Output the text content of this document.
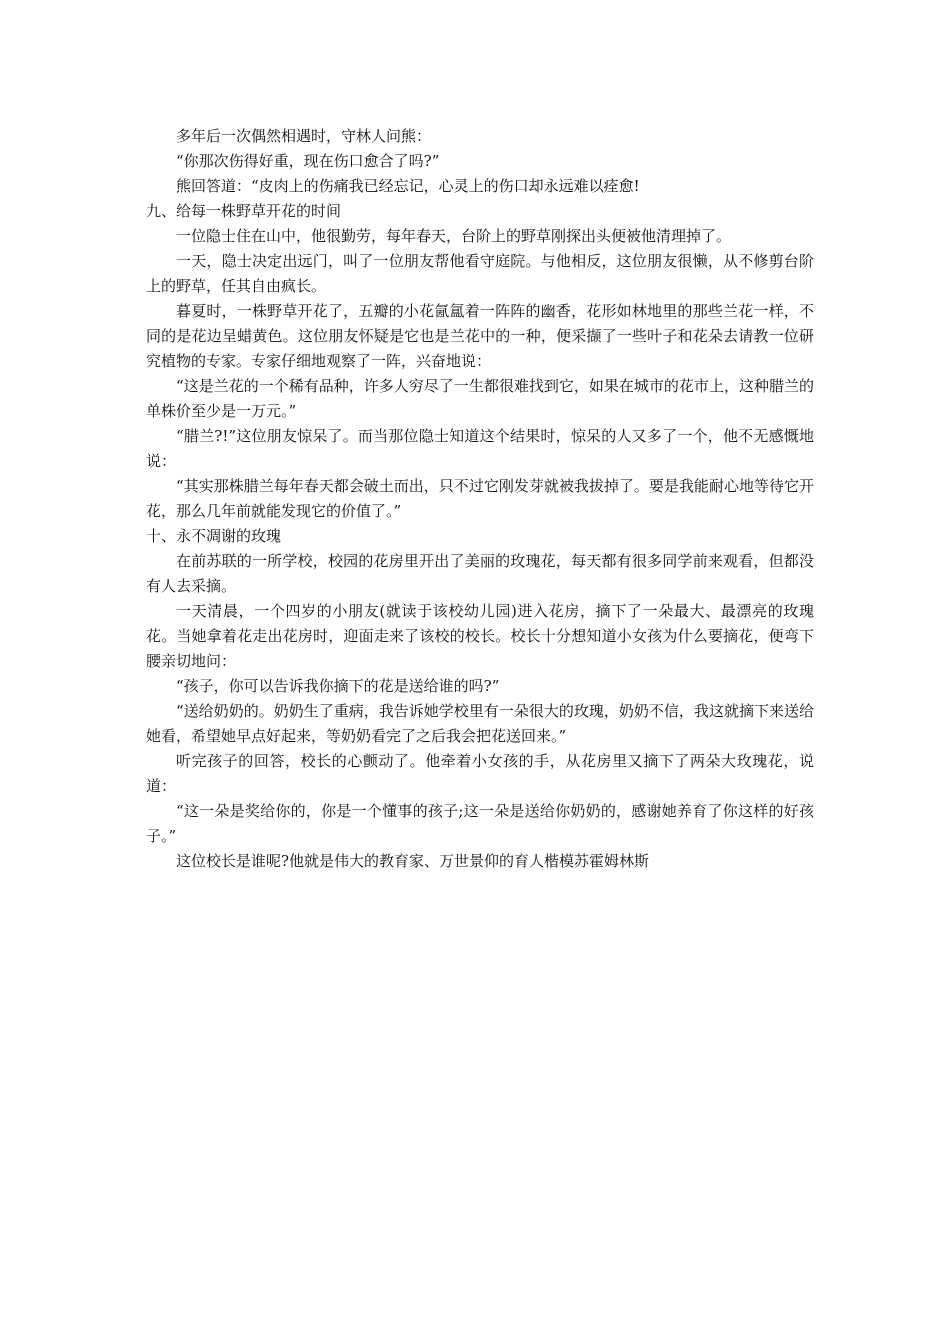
多年后一次偶然相遇时，守林人问熊：

“你那次伤得好重，现在伤口愈合了吗?”

熊回答道：“皮肉上的伤痛我已经忘记，心灵上的伤口却永远难以痊愈!

九、给每一株野草开花的时间

一位隐士住在山中，他很勤劳，每年春天，台阶上的野草刚探出头便被他清理掉了。

一天，隐士决定出远门，叫了一位朋友帮他看守庭院。与他相反，这位朋友很懒，从不修剪台阶上的野草，任其自由疯长。

暮夏时，一株野草开花了，五瓣的小花氤氲着一阵阵的幽香，花形如林地里的那些兰花一样，不同的是花边呈蜡黄色。这位朋友怀疑是它也是兰花中的一种，便采撷了一些叶子和花朵去请教一位研究植物的专家。专家仔细地观察了一阵，兴奋地说：

“这是兰花的一个稀有品种，许多人穷尽了一生都很难找到它，如果在城市的花市上，这种腊兰的单株价至少是一万元。”

“腊兰?!”这位朋友惊呆了。而当那位隐士知道这个结果时，惊呆的人又多了一个，他不无感慨地说：

“其实那株腊兰每年春天都会破土而出，只不过它刚发芽就被我拔掉了。要是我能耐心地等待它开花，那么几年前就能发现它的价值了。”

十、永不凋谢的玫瑰

在前苏联的一所学校，校园的花房里开出了美丽的玫瑰花，每天都有很多同学前来观看，但都没有人去采摘。

一天清晨，一个四岁的小朋友(就读于该校幼儿园)进入花房，摘下了一朵最大、最漂亮的玫瑰花。当她拿着花走出花房时，迎面走来了该校的校长。校长十分想知道小女孩为什么要摘花，便弯下腰亲切地问：

“孩子，你可以告诉我你摘下的花是送给谁的吗?”

“送给奶奶的。奶奶生了重病，我告诉她学校里有一朵很大的玫瑰，奶奶不信，我这就摘下来送给她看，希望她早点好起来，等奶奶看完了之后我会把花送回来。”

听完孩子的回答，校长的心颤动了。他牵着小女孩的手，从花房里又摘下了两朵大玫瑰花，说道：

“这一朵是奖给你的，你是一个懂事的孩子;这一朵是送给你奶奶的，感谢她养育了你这样的好孩子。”

这位校长是谁呢?他就是伟大的教育家、万世景仰的育人楷模苏霍姆林斯
